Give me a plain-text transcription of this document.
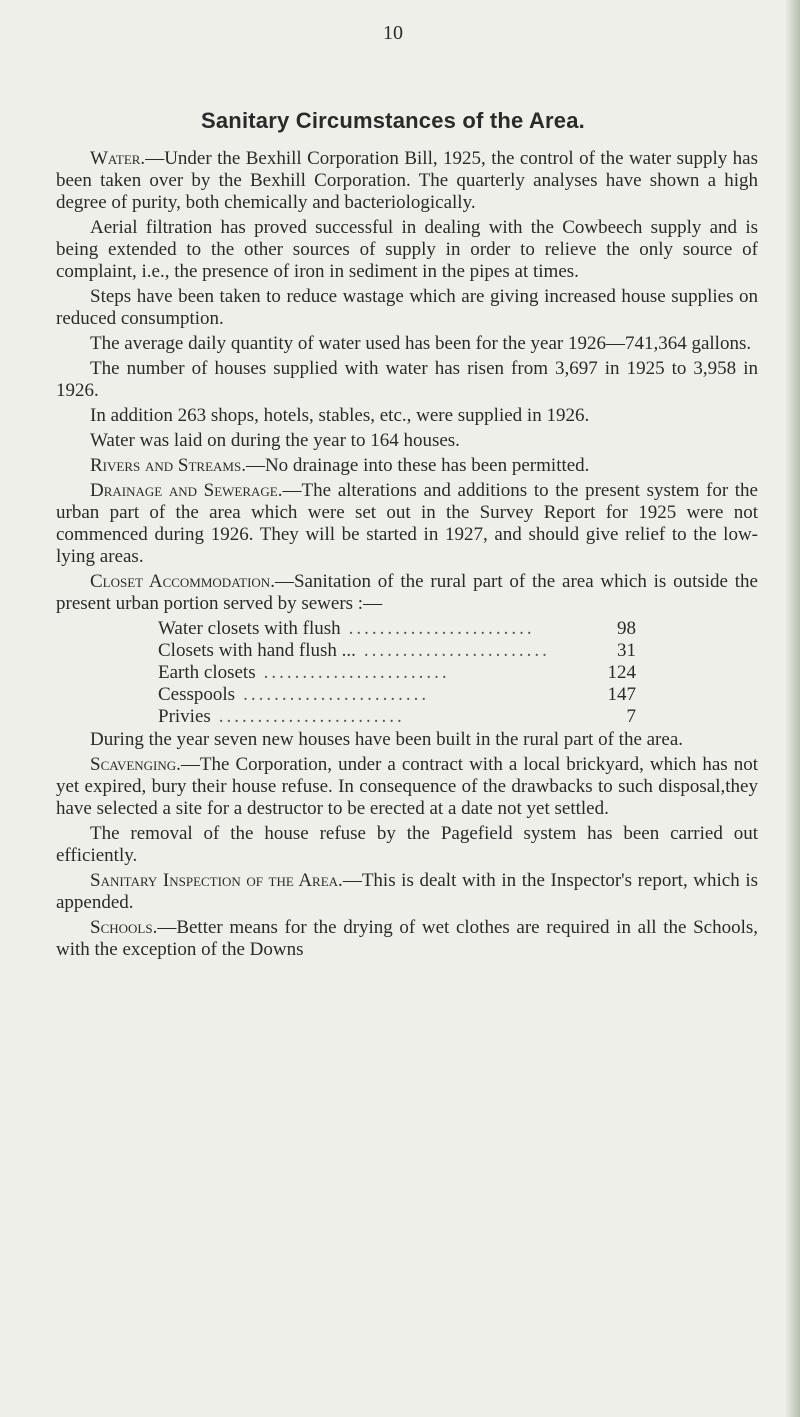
10
Sanitary Circumstances of the Area.

Water.—Under the Bexhill Corporation Bill, 1925, the control of the water supply has been taken over by the Bexhill Corporation. The quarterly analyses have shown a high degree of purity, both chemically and bacteriologically.

Aerial filtration has proved successful in dealing with the Cowbeech supply and is being extended to the other sources of supply in order to relieve the only source of complaint, i.e., the presence of iron in sediment in the pipes at times.

Steps have been taken to reduce wastage which are giving increased house supplies on reduced consumption.

The average daily quantity of water used has been for the year 1926—741,364 gallons.

The number of houses supplied with water has risen from 3,697 in 1925 to 3,958 in 1926.

In addition 263 shops, hotels, stables, etc., were supplied in 1926.

Water was laid on during the year to 164 houses.

Rivers and Streams.—No drainage into these has been permitted.

Drainage and Sewerage.—The alterations and additions to the present system for the urban part of the area which were set out in the Survey Report for 1925 were not commenced during 1926. They will be started in 1927, and should give relief to the low-lying areas.

Closet Accommodation.—Sanitation of the rural part of the area which is outside the present urban portion served by sewers :—

Water closets with flush ........................	98
Closets with hand flush ... ........................	31
Earth closets ........................	124
Cesspools ........................	147
Privies ........................	7

During the year seven new houses have been built in the rural part of the area.

Scavenging.—The Corporation, under a contract with a local brickyard, which has not yet expired, bury their house refuse. In consequence of the drawbacks to such disposal,they have selected a site for a destructor to be erected at a date not yet settled.

The removal of the house refuse by the Pagefield system has been carried out efficiently.

Sanitary Inspection of the Area.—This is dealt with in the Inspector's report, which is appended.

Schools.—Better means for the drying of wet clothes are required in all the Schools, with the exception of the Downs
